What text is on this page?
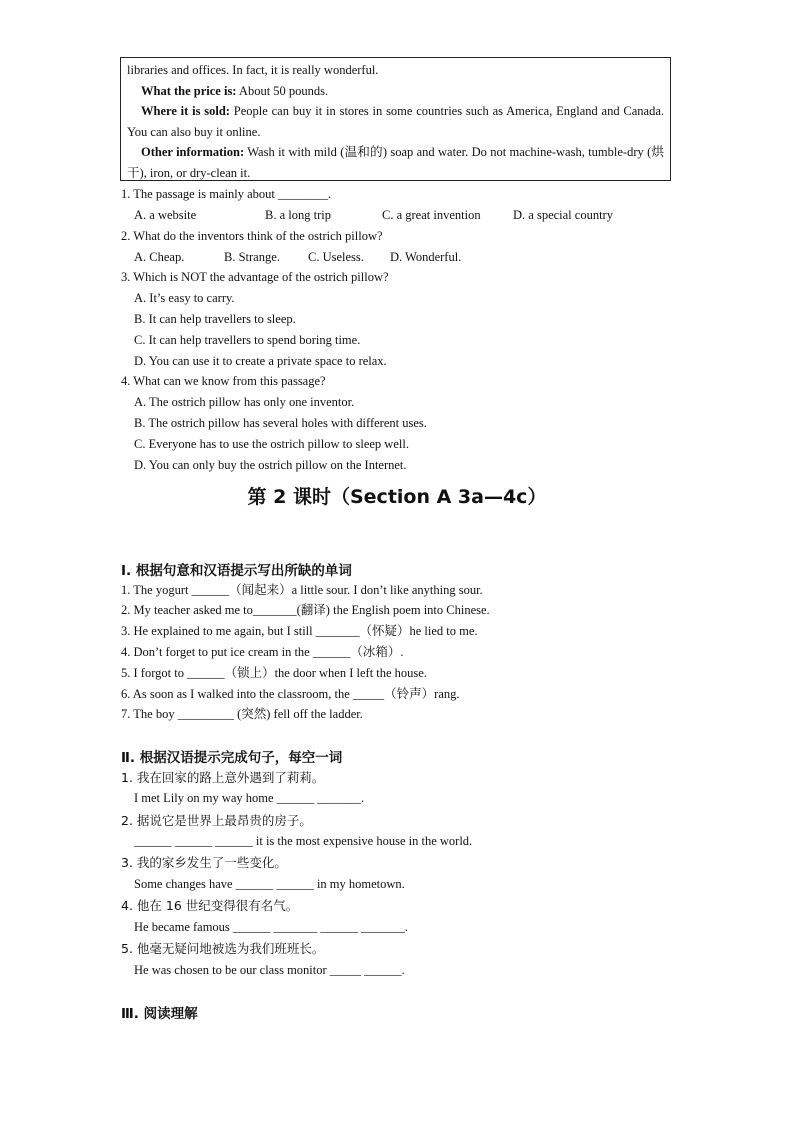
libraries and offices. In fact, it is really wonderful.

What the price is: About 50 pounds.

Where it is sold: People can buy it in stores in some countries such as America, England and Canada. You can also buy it online.

Other information: Wash it with mild (温和的) soap and water. Do not machine-wash, tumble-dry (烘干), iron, or dry-clean it.

1. The passage is mainly about ________.
A. a website	B. a long trip	C. a great invention	D. a special country
2. What do the inventors think of the ostrich pillow?
A. Cheap.	B. Strange. C. Useless. D. Wonderful.
3. Which is NOT the advantage of the ostrich pillow?
A. It’s easy to carry.
B. It can help travellers to sleep.
C. It can help travellers to spend boring time.
D. You can use it to create a private space to relax.
4. What can we know from this passage?
A. The ostrich pillow has only one inventor.
B. The ostrich pillow has several holes with different uses.
C. Everyone has to use the ostrich pillow to sleep well.
D. You can only buy the ostrich pillow on the Internet.
第 2 课时（Section A 3a—4c）
Ⅰ. 根据句意和汉语提示写出所缺的单词
1. The yogurt ______（闻起来）a little sour. I don’t like anything sour.
2. My teacher asked me to_______(翻译) the English poem into Chinese.
3. He explained to me again, but I still _______（怀疑）he lied to me.
4. Don’t forget to put ice cream in the ______（冰箱）.
5. I forgot to ______（锁上）the door when I left the house.
6. As soon as I walked into the classroom, the _____（铃声）rang.
7. The boy _________ (突然) fell off the ladder.
Ⅱ. 根据汉语提示完成句子，每空一词
1. 我在回家的路上意外遇到了莉莉。
I met Lily on my way home ______ _______.
2. 据说它是世界上最昂贵的房子。
______ ______ ______ it is the most expensive house in the world.
3. 我的家乡发生了一些变化。
Some changes have ______ ______ in my hometown.
4. 他在 16 世纪变得很有名气。
He became famous ______ _______ ______ _______.
5. 他毫无疑问地被选为我们班班长。
He was chosen to be our class monitor _____ ______.
Ⅲ. 阅读理解
